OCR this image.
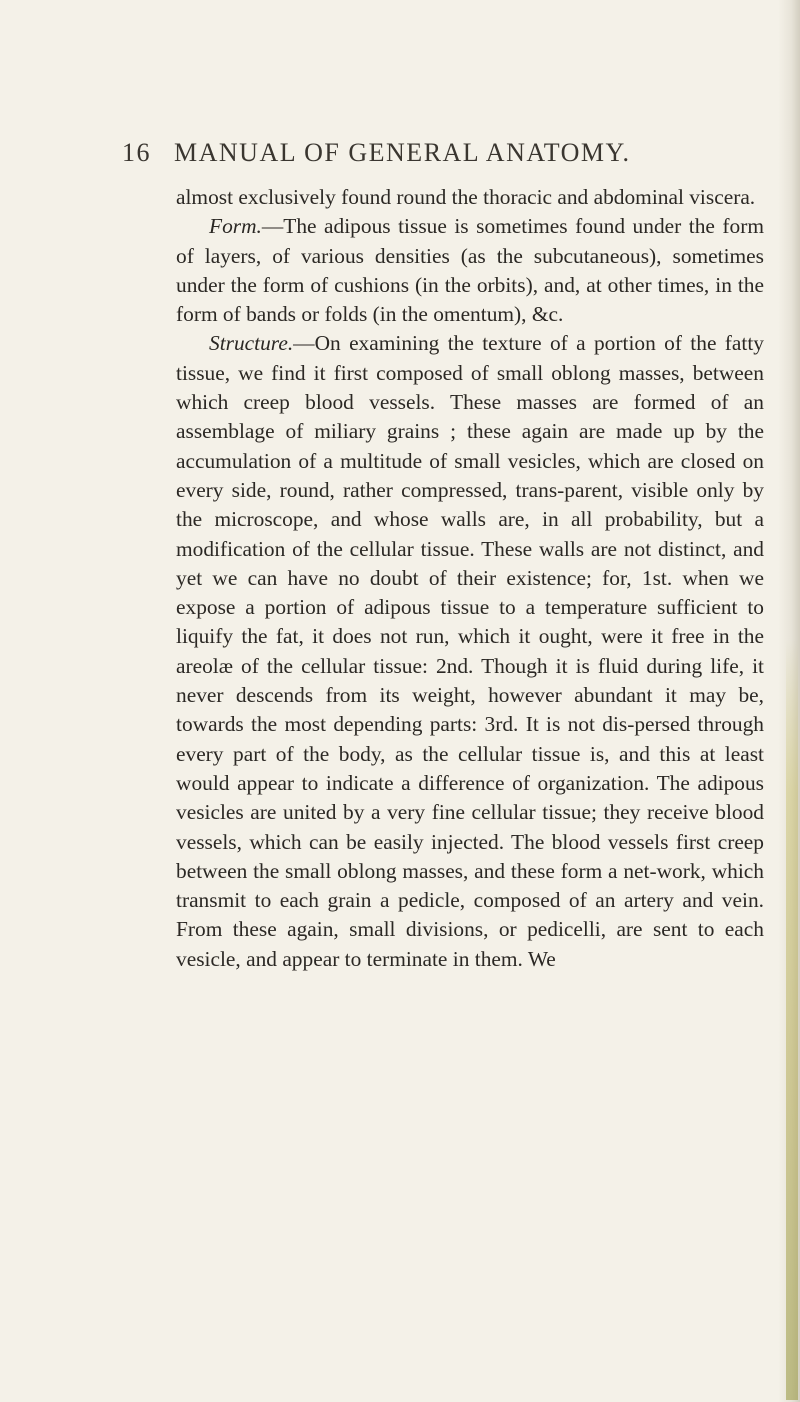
16 MANUAL OF GENERAL ANATOMY.

almost exclusively found round the thoracic and abdominal viscera.

Form.—The adipous tissue is sometimes found under the form of layers, of various densities (as the subcutaneous), sometimes under the form of cushions (in the orbits), and, at other times, in the form of bands or folds (in the omentum), &c.

Structure.—On examining the texture of a portion of the fatty tissue, we find it first composed of small oblong masses, between which creep blood vessels. These masses are formed of an assemblage of miliary grains ; these again are made up by the accumulation of a multitude of small vesicles, which are closed on every side, round, rather compressed, trans-parent, visible only by the microscope, and whose walls are, in all probability, but a modification of the cellular tissue. These walls are not distinct, and yet we can have no doubt of their existence; for, 1st. when we expose a portion of adipous tissue to a temperature sufficient to liquify the fat, it does not run, which it ought, were it free in the areolæ of the cellular tissue: 2nd. Though it is fluid during life, it never descends from its weight, however abundant it may be, towards the most depending parts: 3rd. It is not dis-persed through every part of the body, as the cellular tissue is, and this at least would appear to indicate a difference of organization. The adipous vesicles are united by a very fine cellular tissue; they receive blood vessels, which can be easily injected. The blood vessels first creep between the small oblong masses, and these form a net-work, which transmit to each grain a pedicle, composed of an artery and vein. From these again, small divisions, or pedicelli, are sent to each vesicle, and appear to terminate in them. We
